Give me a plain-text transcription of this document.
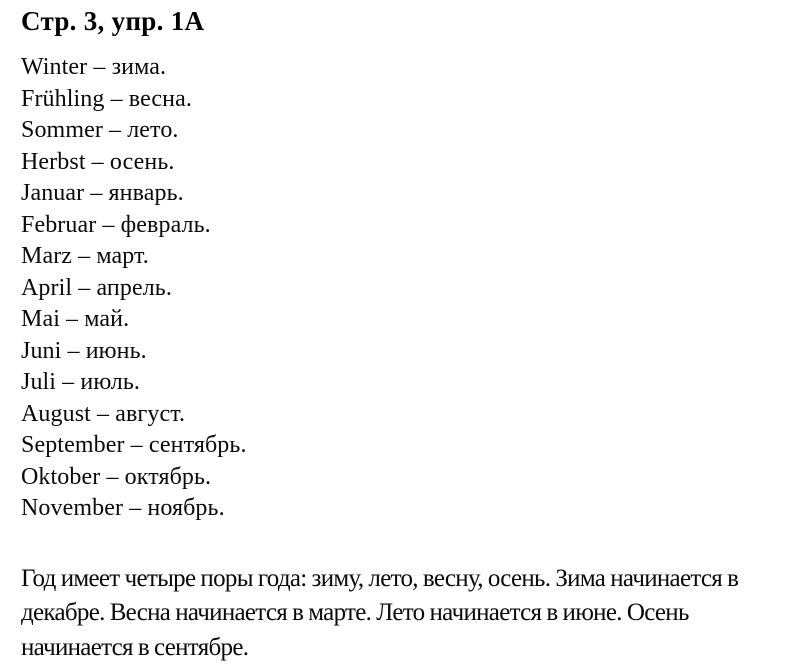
Стр. 3, упр. 1А
Winter – зима.
Frühling – весна.
Sommer – лето.
Herbst – осень.
Januar – январь.
Februar – февраль.
Marz – март.
April – апрель.
Mai – май.
Juni – июнь.
Juli – июль.
August – август.
September – сентябрь.
Oktober – октябрь.
November – ноябрь.

Год имеет четыре поры года: зиму, лето, весну, осень. Зима начинается в декабре. Весна начинается в марте. Лето начинается в июне. Осень начинается в сентябре.
